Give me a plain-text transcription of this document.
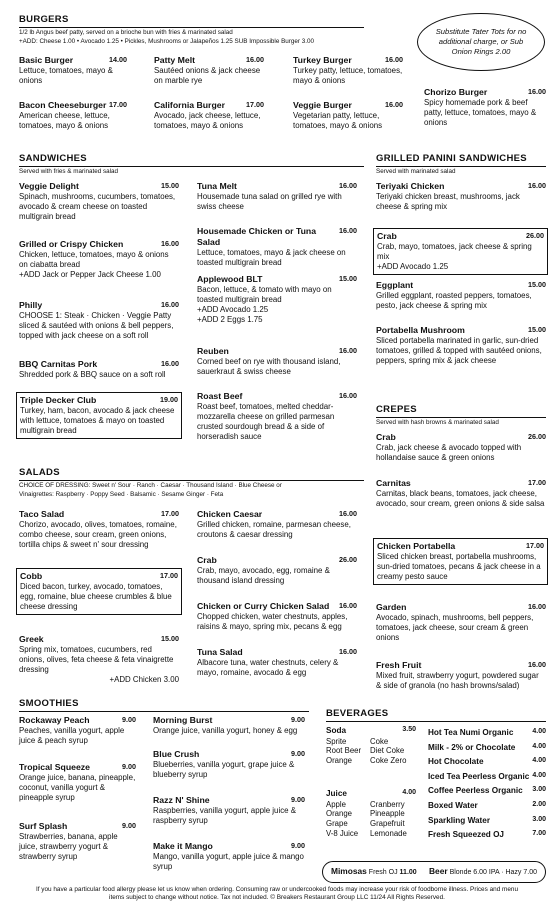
BURGERS
1/2 lb Angus beef patty, served on a brioche bun with fries & marinated salad
+ADD: Cheese 1.00 • Avocado 1.25 • Pickles, Mushrooms or Jalapeños 1.25 SUB Impossible Burger 3.00
Substitute Tater Tots for no additional charge, or Sub Onion Rings 2.00
Basic Burger	14.00
Lettuce, tomatoes, mayo & onions
Patty Melt	16.00
Sautéed onions & jack cheese on marble rye
Turkey Burger	16.00
Turkey patty, lettuce, tomatoes, mayo & onions
Bacon Cheeseburger 17.00
American cheese, lettuce, tomatoes, mayo & onions
California Burger	17.00
Avocado, jack cheese, lettuce, tomatoes, mayo & onions
Veggie Burger	16.00
Vegetarian patty, lettuce, tomatoes, mayo & onions
Chorizo Burger	16.00
Spicy homemade pork & beef patty, lettuce, tomatoes, mayo & onions
SANDWICHES
Served with fries & marinated salad
Veggie Delight	15.00
Spinach, mushrooms, cucumbers, tomatoes, avocado & cream cheese on toasted multigrain bread
Grilled or Crispy Chicken	16.00
Chicken, lettuce, tomatoes, mayo & onions on ciabatta bread
+ADD Jack or Pepper Jack Cheese 1.00
Philly	16.00
CHOOSE 1: Steak · Chicken · Veggie Patty sliced & sautéed with onions & bell peppers, topped with jack cheese on a soft roll
BBQ Carnitas Pork	16.00
Shredded pork & BBQ sauce on a soft roll
Triple Decker Club	19.00
Turkey, ham, bacon, avocado & jack cheese with lettuce, tomatoes & mayo on toasted multigrain bread
Tuna Melt	16.00
Housemade tuna salad on grilled rye with swiss cheese
Housemade Chicken or Tuna Salad
16.00
Lettuce, tomatoes, mayo & jack cheese on toasted multigrain bread
Applewood BLT	15.00
Bacon, lettuce, & tomato with mayo on toasted multigrain bread
+ADD Avocado 1.25
+ADD 2 Eggs 1.75
Reuben	16.00
Corned beef on rye with thousand island, sauerkraut & swiss cheese
Roast Beef	16.00
Roast beef, tomatoes, melted cheddar-mozzarella cheese on grilled parmesan crusted sourdough bread & a side of horseradish sauce
GRILLED PANINI SANDWICHES
Served with marinated salad
Teriyaki Chicken	16.00
Teriyaki chicken breast, mushrooms, jack cheese & spring mix
Crab	26.00
Crab, mayo, tomatoes, jack cheese & spring mix
+ADD Avocado 1.25
Eggplant	15.00
Grilled eggplant, roasted peppers, tomatoes, pesto, jack cheese & spring mix
Portabella Mushroom	15.00
Sliced portabella marinated in garlic, sun-dried tomatoes, grilled & topped with sautéed onions, peppers, spring mix & jack cheese
CREPES
Served with hash browns & marinated salad
Crab	26.00
Crab, jack cheese & avocado topped with hollandaise sauce & green onions
Carnitas	17.00
Carnitas, black beans, tomatoes, jack cheese, avocado, sour cream, green onions & side salsa
Chicken Portabella	17.00
Sliced chicken breast, portabella mushrooms, sun-dried tomatoes, pecans & jack cheese in a creamy pesto sauce
Garden	16.00
Avocado, spinach, mushrooms, bell peppers, tomatoes, jack cheese, sour cream & green onions
Fresh Fruit	16.00
Mixed fruit, strawberry yogurt, powdered sugar & side of granola (no hash browns/salad)
SALADS
CHOICE OF DRESSING: Sweet n' Sour · Ranch · Caesar · Thousand Island · Blue Cheese or
Vinaigrettes: Raspberry · Poppy Seed · Balsamic · Sesame Ginger · Feta
Taco Salad	17.00
Chorizo, avocado, olives, tomatoes, romaine, combo cheese, sour cream, green onions, tortilla chips & sweet n' sour dressing
Cobb	17.00
Diced bacon, turkey, avocado, tomatoes, egg, romaine, blue cheese crumbles & blue cheese dressing
Greek	15.00
Spring mix, tomatoes, cucumbers, red onions, olives, feta cheese & feta vinaigrette dressing
+ADD Chicken 3.00
Chicken Caesar	16.00
Grilled chicken, romaine, parmesan cheese, croutons & caesar dressing
Crab	26.00
Crab, mayo, avocado, egg, romaine & thousand island dressing
Chicken or Curry Chicken Salad 16.00
Chopped chicken, water chestnuts, apples, raisins & mayo, spring mix, pecans & egg
Tuna Salad	16.00
Albacore tuna, water chestnuts, celery & mayo, romaine, avocado & egg
SMOOTHIES
Rockaway Peach	9.00
Peaches, vanilla yogurt, apple juice & peach syrup
Tropical Squeeze	9.00
Orange juice, banana, pineapple, coconut, vanilla yogurt & pineapple syrup
Surf Splash	9.00
Strawberries, banana, apple juice, strawberry yogurt & strawberry syrup
Morning Burst	9.00
Orange juice, vanilla yogurt, honey & egg
Blue Crush	9.00
Blueberries, vanilla yogurt, grape juice & blueberry syrup
Razz N' Shine	9.00
Raspberries, vanilla yogurt, apple juice & raspberry syrup
Make it Mango	9.00
Mango, vanilla yogurt, apple juice & mango syrup
BEVERAGES
Soda	3.50
Sprite	Coke
Root Beer	Diet Coke
Orange	Coke Zero
Juice	4.00
Apple	Cranberry
Orange	Pineapple
Grape	Grapefruit
V-8 Juice	Lemonade
Hot Tea Numi Organic	4.00
Milk - 2% or Chocolate 4.00
Hot Chocolate	4.00
Iced Tea Peerless Organic 4.00
Coffee Peerless Organic 3.00
Boxed Water	2.00
Sparkling Water	3.00
Fresh Squeezed OJ	7.00
Mimosas Fresh OJ 11.00 Beer Blonde 6.00 IPA · Hazy 7.00
If you have a particular food allergy please let us know when ordering. Consuming raw or undercooked foods may increase your risk of foodborne illness. Prices and menu
items subject to change without notice. Tax not included. © Breakers Restaurant Group LLC 11/24 All Rights Reserved.
